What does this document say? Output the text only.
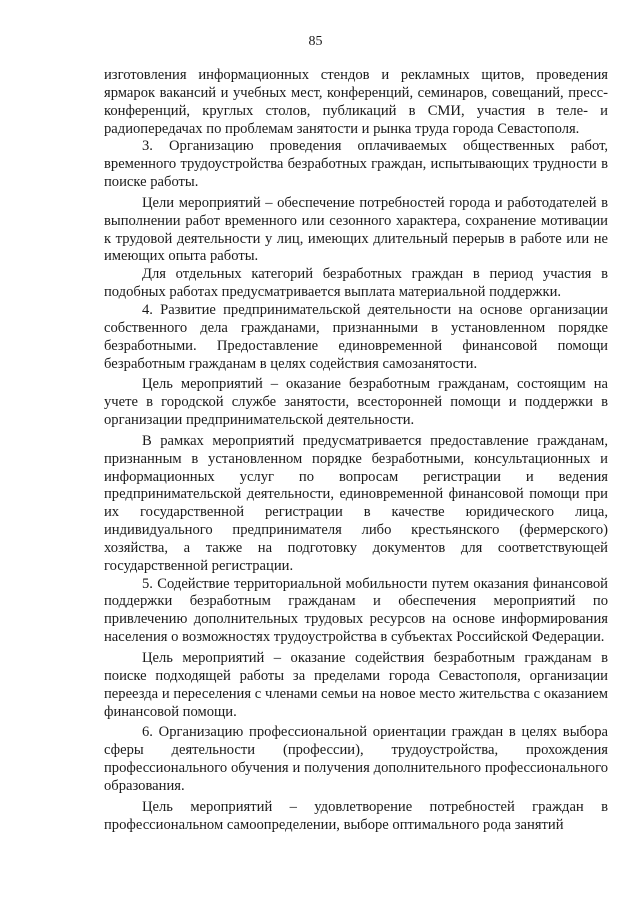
85

изготовления информационных стендов и рекламных щитов, проведения ярмарок вакансий и учебных мест, конференций, семинаров, совещаний, пресс-конференций, круглых столов, публикаций в СМИ, участия в теле- и радиопередачах по проблемам занятости и рынка труда города Севастополя.

3. Организацию проведения оплачиваемых общественных работ, временного трудоустройства безработных граждан, испытывающих трудности в поиске работы.

Цели мероприятий – обеспечение потребностей города и работодателей в выполнении работ временного или сезонного характера, сохранение мотивации к трудовой деятельности у лиц, имеющих длительный перерыв в работе или не имеющих опыта работы.

Для отдельных категорий безработных граждан в период участия в подобных работах предусматривается выплата материальной поддержки.

4. Развитие предпринимательской деятельности на основе организации собственного дела гражданами, признанными в установленном порядке безработными. Предоставление единовременной финансовой помощи безработным гражданам в целях содействия самозанятости.

Цель мероприятий – оказание безработным гражданам, состоящим на учете в городской службе занятости, всесторонней помощи и поддержки в организации предпринимательской деятельности.

В рамках мероприятий предусматривается предоставление гражданам, признанным в установленном порядке безработными, консультационных и информационных услуг по вопросам регистрации и ведения предпринимательской деятельности, единовременной финансовой помощи при их государственной регистрации в качестве юридического лица, индивидуального предпринимателя либо крестьянского (фермерского) хозяйства, а также на подготовку документов для соответствующей государственной регистрации.

5. Содействие территориальной мобильности путем оказания финансовой поддержки безработным гражданам и обеспечения мероприятий по привлечению дополнительных трудовых ресурсов на основе информирования населения о возможностях трудоустройства в субъектах Российской Федерации.

Цель мероприятий – оказание содействия безработным гражданам в поиске подходящей работы за пределами города Севастополя, организации переезда и переселения с членами семьи на новое место жительства с оказанием финансовой помощи.

6. Организацию профессиональной ориентации граждан в целях выбора сферы деятельности (профессии), трудоустройства, прохождения профессионального обучения и получения дополнительного профессионального образования.

Цель мероприятий – удовлетворение потребностей граждан в профессиональном самоопределении, выборе оптимального рода занятий
